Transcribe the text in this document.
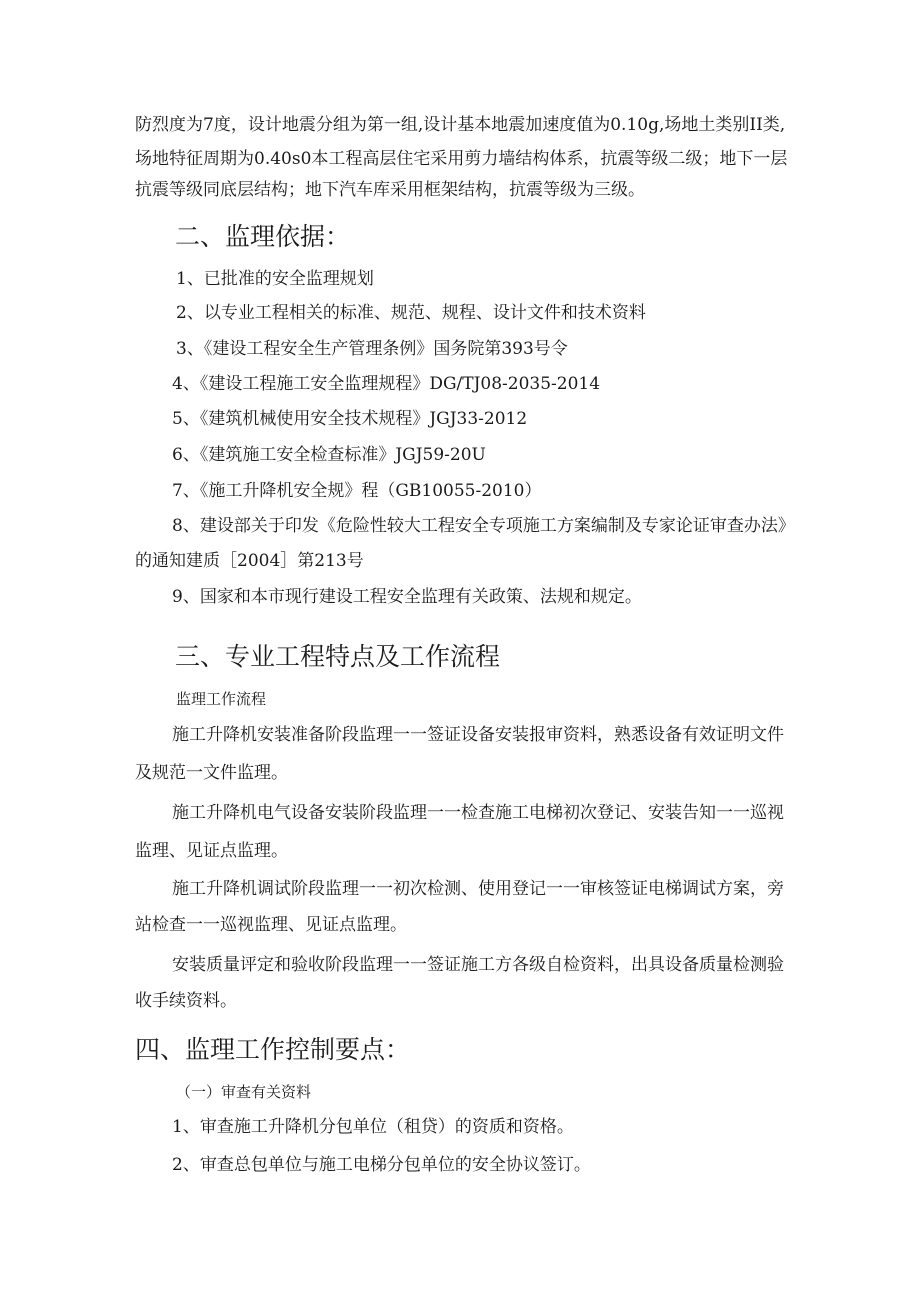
防烈度为7度，设计地震分组为第一组,设计基本地震加速度值为0.10g,场地土类别II类,

场地特征周期为0.40s0本工程高层住宅采用剪力墙结构体系，抗震等级二级；地下一层

抗震等级同底层结构；地下汽车库采用框架结构，抗震等级为三级。

二、监理依据：

1、已批准的安全监理规划

2、以专业工程相关的标准、规范、规程、设计文件和技术资料

3、《建设工程安全生产管理条例》国务院第393号令

4、《建设工程施工安全监理规程》DG/TJ08-2035-2014

5、《建筑机械使用安全技术规程》JGJ33-2012

6、《建筑施工安全检查标准》JGJ59-20U

7、《施工升降机安全规》程（GB10055-2010）

8、建设部关于印发《危险性较大工程安全专项施工方案编制及专家论证审查办法》

的通知建质［2004］第213号

9、国家和本市现行建设工程安全监理有关政策、法规和规定。

三、专业工程特点及工作流程

监理工作流程

施工升降机安装准备阶段监理一一签证设备安装报审资料，熟悉设备有效证明文件

及规范一文件监理。

施工升降机电气设备安装阶段监理一一检查施工电梯初次登记、安装告知一一巡视

监理、见证点监理。

施工升降机调试阶段监理一一初次检测、使用登记一一审核签证电梯调试方案，旁

站检查一一巡视监理、见证点监理。

安装质量评定和验收阶段监理一一签证施工方各级自检资料，出具设备质量检测验

收手续资料。

四、监理工作控制要点：

（一）审查有关资料

1、审查施工升降机分包单位（租贷）的资质和资格。

2、审查总包单位与施工电梯分包单位的安全协议签订。
